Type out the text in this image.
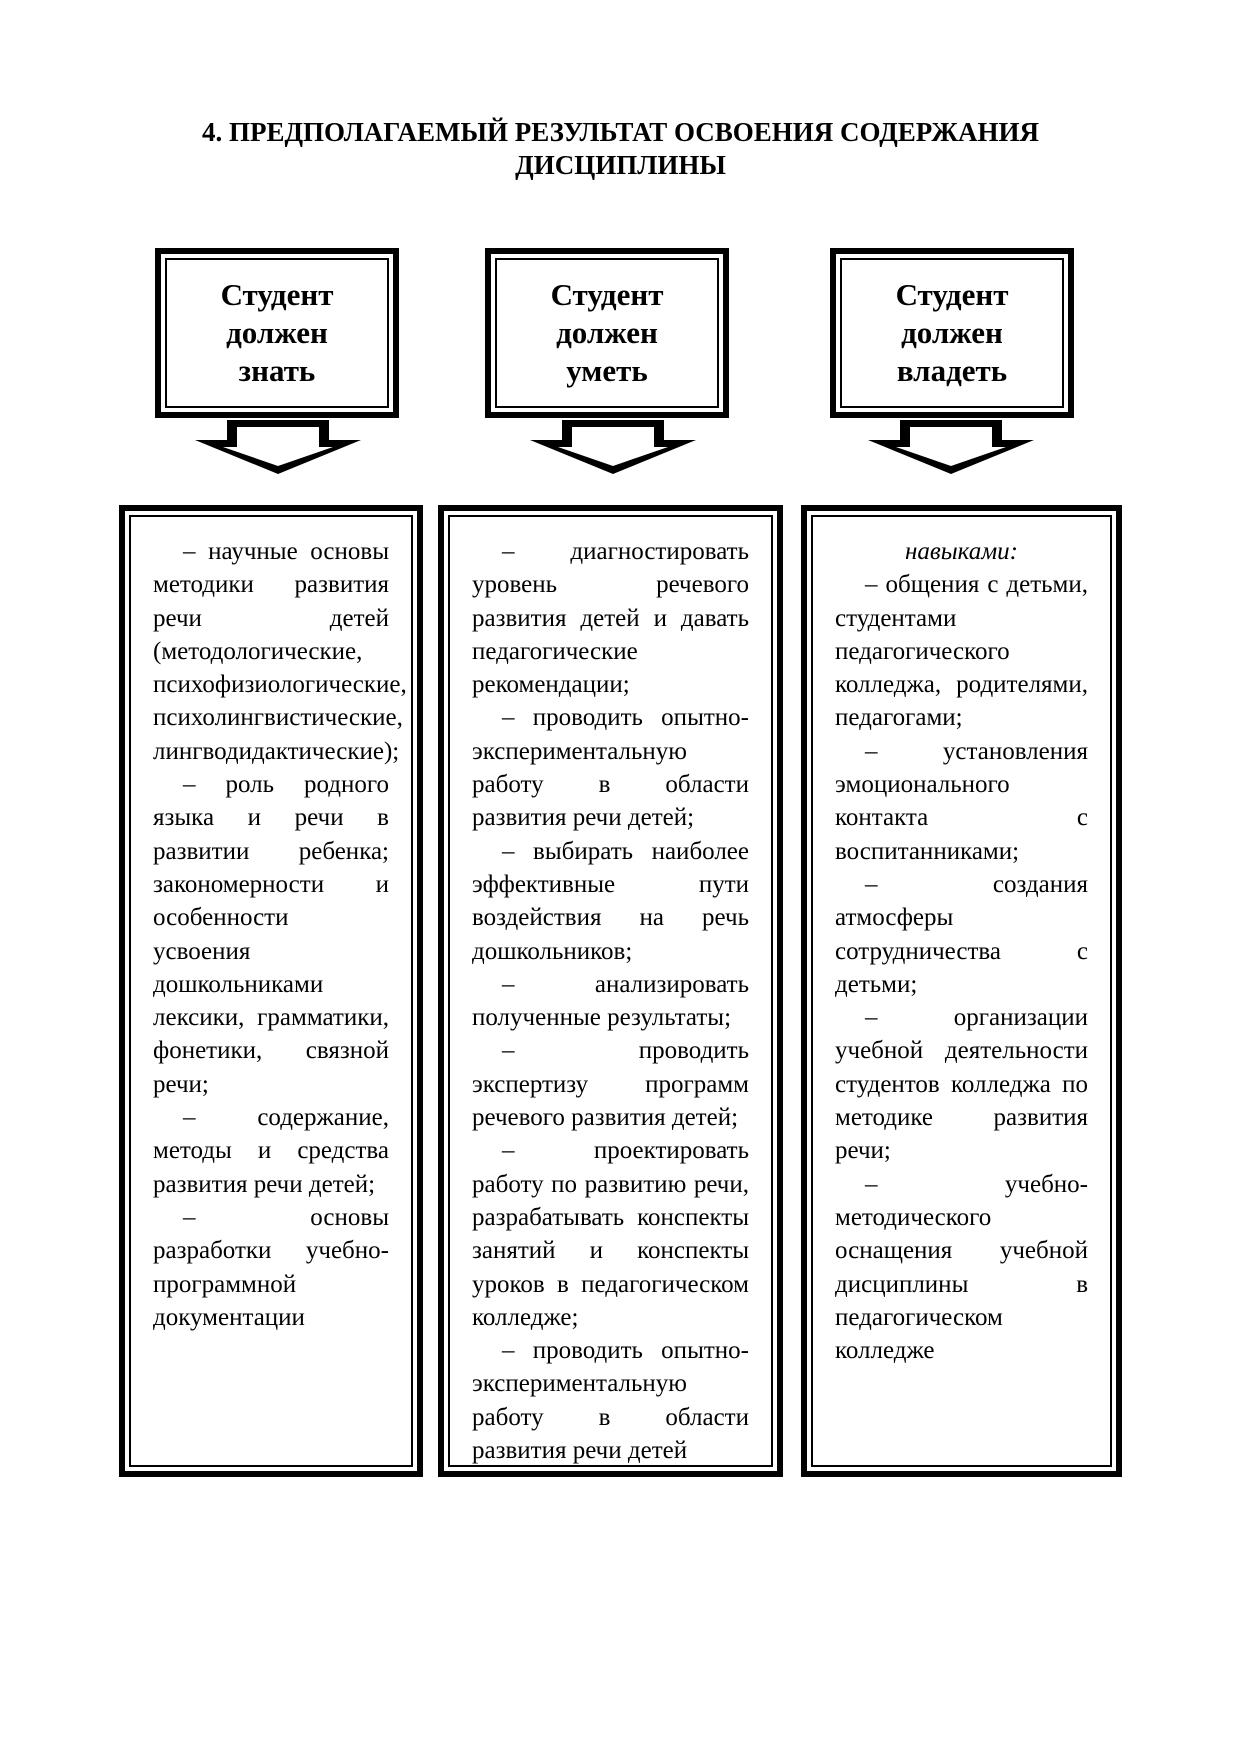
4. ПРЕДПОЛАГАЕМЫЙ РЕЗУЛЬТАТ ОСВОЕНИЯ СОДЕРЖАНИЯ
ДИСЦИПЛИНЫ
Студент
должен
знать
Студент
должен
уметь
Студент
должен
владеть
– научные основы методики развития речи детей (методологические, психофизиологические, психолингвистические, лингводидактические);
– роль родного языка и речи в развитии ребенка; закономерности и особенности усвоения дошкольниками лексики, грамматики, фонетики, связной речи;
– содержание, методы и средства развития речи детей;
– основы разработки учебно-программной документации
– диагностировать уровень речевого развития детей и давать педагогические рекомендации;
– проводить опытно-экспериментальную работу в области развития речи детей;
– выбирать наиболее эффективные пути воздействия на речь дошкольников;
– анализировать полученные результаты;
– проводить экспертизу программ речевого развития детей;
– проектировать работу по развитию речи, разрабатывать конспекты занятий и конспекты уроков в педагогическом колледже;
– проводить опытно-экспериментальную работу в области развития речи детей
навыками:
– общения с детьми, студентами педагогического колледжа, родителями, педагогами;
– установления эмоционального контакта с воспитанниками;
– создания атмосферы сотрудничества с детьми;
– организации учебной деятельности студентов колледжа по методике развития речи;
– учебно-методического оснащения учебной дисциплины в педагогическом колледже
